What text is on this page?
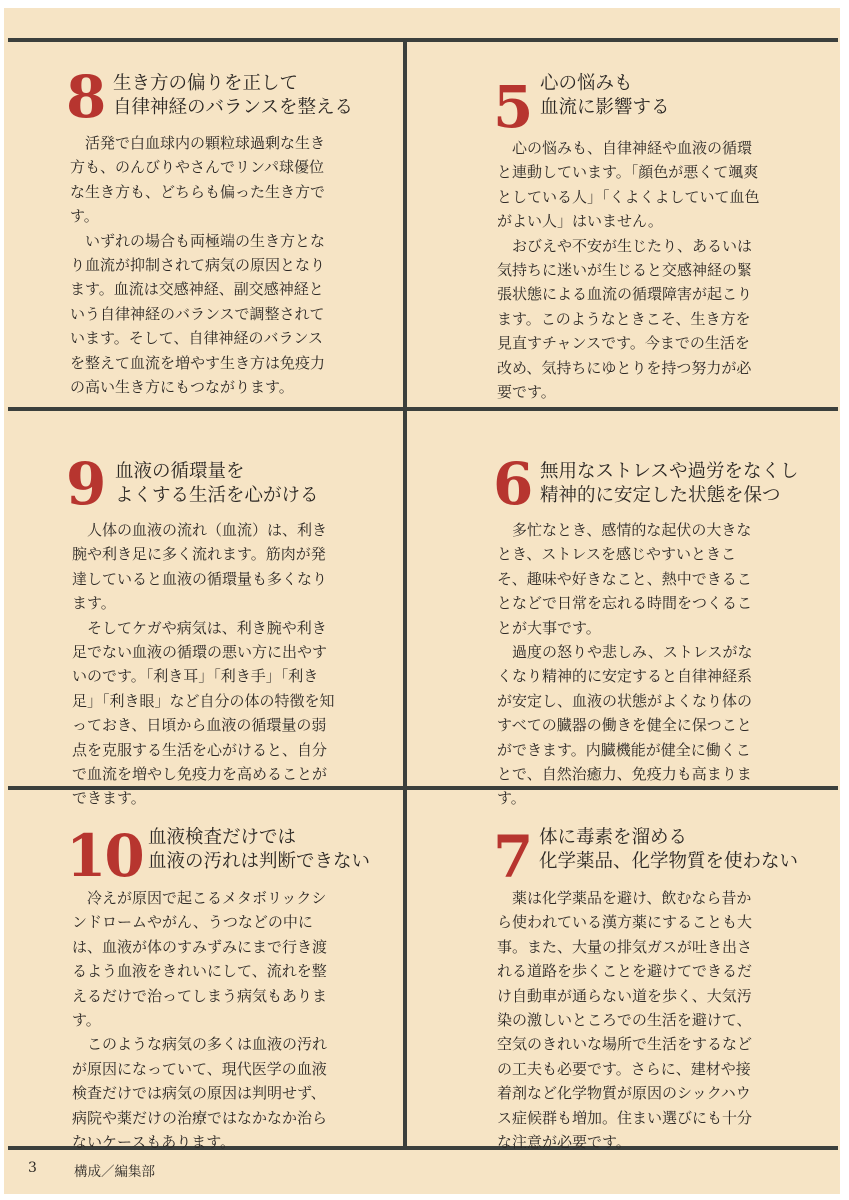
8 生き方の偏りを正して
自律神経のバランスを整える

活発で白血球内の顆粒球過剰な生き方も、のんびりやさんでリンパ球優位な生き方も、どちらも偏った生き方です。

いずれの場合も両極端の生き方となり血流が抑制されて病気の原因となります。血流は交感神経、副交感神経という自律神経のバランスで調整されています。そして、自律神経のバランスを整えて血流を増やす生き方は免疫力の高い生き方にもつながります。

5 心の悩みも
血流に影響する

心の悩みも、自律神経や血液の循環と連動しています。「顔色が悪くて颯爽としている人」「くよくよしていて血色がよい人」はいません。

おびえや不安が生じたり、あるいは気持ちに迷いが生じると交感神経の緊張状態による血流の循環障害が起こります。このようなときこそ、生き方を見直すチャンスです。今までの生活を改め、気持ちにゆとりを持つ努力が必要です。

9 血液の循環量を
よくする生活を心がける

人体の血液の流れ（血流）は、利き腕や利き足に多く流れます。筋肉が発達していると血液の循環量も多くなります。

そしてケガや病気は、利き腕や利き足でない血液の循環の悪い方に出やすいのです。「利き耳」「利き手」「利き足」「利き眼」など自分の体の特徴を知っておき、日頃から血液の循環量の弱点を克服する生活を心がけると、自分で血流を増やし免疫力を高めることができます。

6 無用なストレスや過労をなくし
精神的に安定した状態を保つ

多忙なとき、感情的な起伏の大きなとき、ストレスを感じやすいときこそ、趣味や好きなこと、熱中できることなどで日常を忘れる時間をつくることが大事です。

過度の怒りや悲しみ、ストレスがなくなり精神的に安定すると自律神経系が安定し、血液の状態がよくなり体のすべての臓器の働きを健全に保つことができます。内臓機能が健全に働くことで、自然治癒力、免疫力も高まります。

10 血液検査だけでは
血液の汚れは判断できない

冷えが原因で起こるメタボリックシンドロームやがん、うつなどの中には、血液が体のすみずみにまで行き渡るよう血液をきれいにして、流れを整えるだけで治ってしまう病気もあります。

このような病気の多くは血液の汚れが原因になっていて、現代医学の血液検査だけでは病気の原因は判明せず、病院や薬だけの治療ではなかなか治らないケースもあります。

7 体に毒素を溜める
化学薬品、化学物質を使わない

薬は化学薬品を避け、飲むなら昔から使われている漢方薬にすることも大事。また、大量の排気ガスが吐き出される道路を歩くことを避けてできるだけ自動車が通らない道を歩く、大気汚染の激しいところでの生活を避けて、空気のきれいな場所で生活をするなどの工夫も必要です。さらに、建材や接着剤など化学物質が原因のシックハウス症候群も増加。住まい選びにも十分な注意が必要です。

3	構成／編集部
